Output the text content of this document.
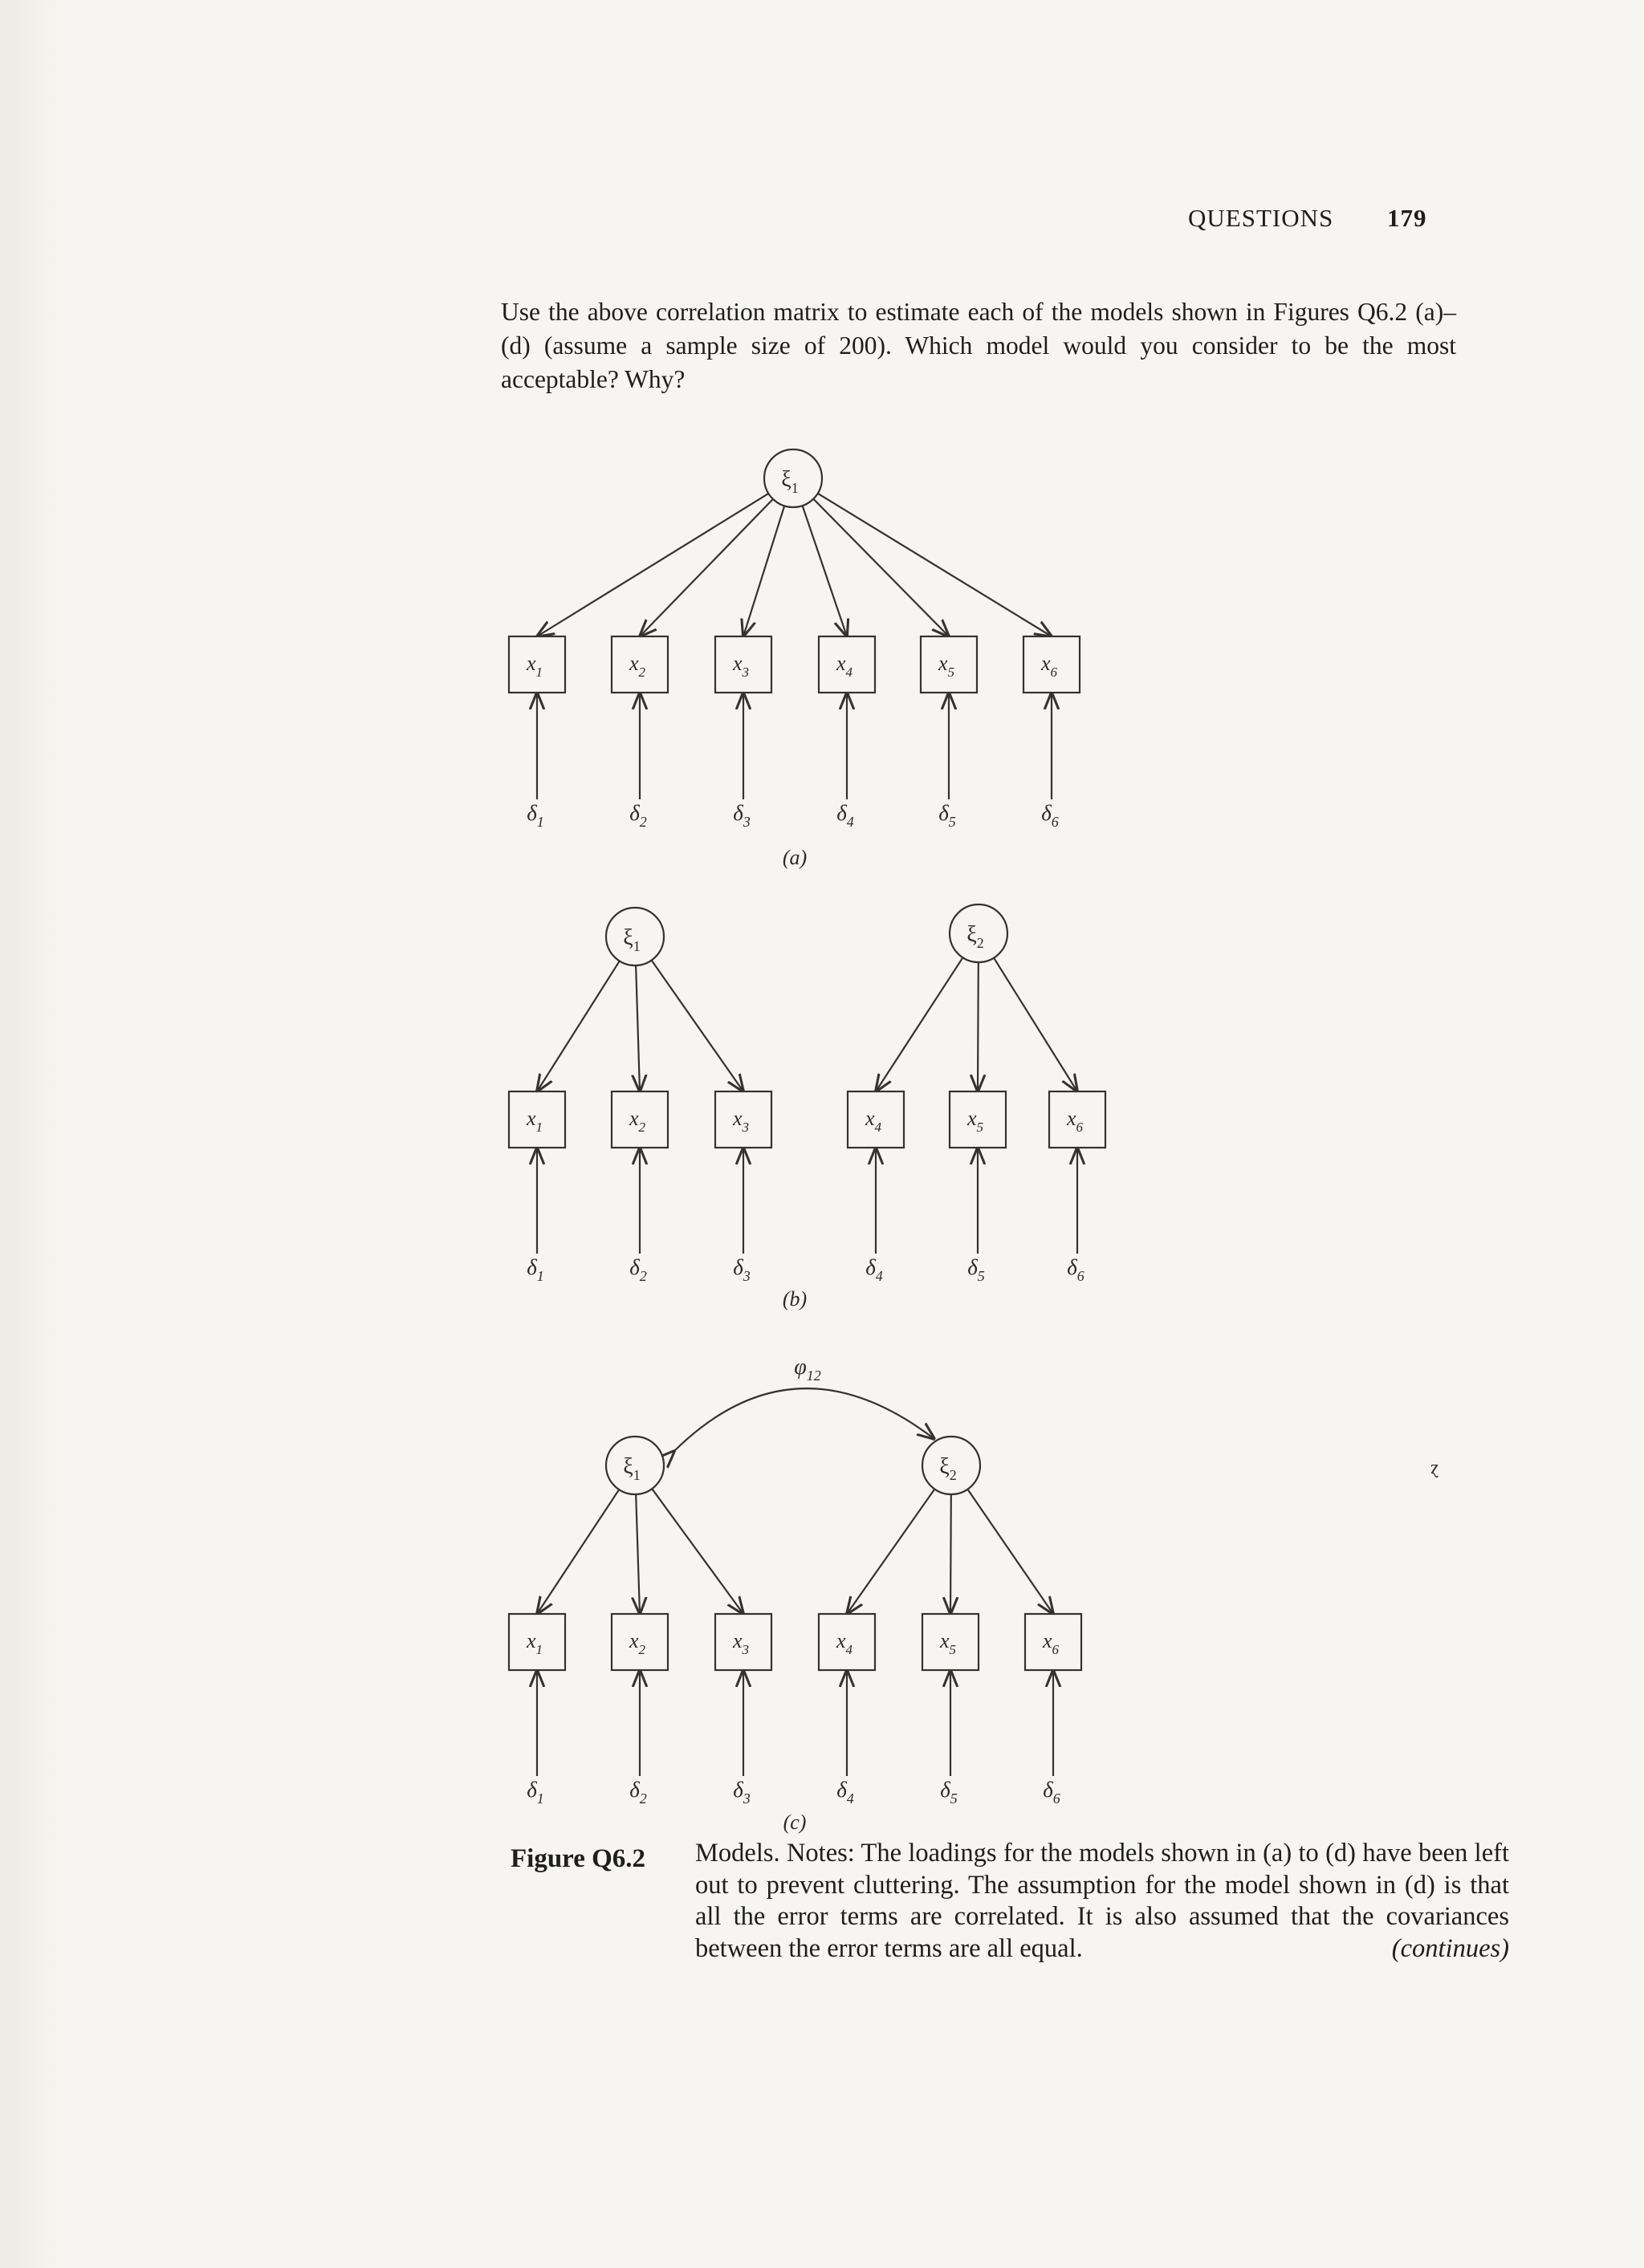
QUESTIONS 179
Use the above correlation matrix to estimate each of the models shown in Figures Q6.2 (a)–(d) (assume a sample size of 200). Which model would you consider to be the most acceptable? Why?
$\xi_1$
$x_1$
$\delta_1$
$x_2$
$\delta_2$
$x_3$
$\delta_3$
$x_4$
$\delta_4$
$x_5$
$\delta_5$
$x_6$
$\delta_6$
(a)
$\xi_1$	$\xi_2$
$x_1$
$\delta_1$
$x_2$
$\delta_2$
$x_3$
$\delta_3$
$x_4$
$\delta_4$
$x_5$
$\delta_5$
$x_6$
$\delta_6$
(b)
$\varphi_{12}$
$\xi_1$	$\xi_2$
$x_1$
$\delta_1$
$x_2$
$\delta_2$
$x_3$
$\delta_3$
$x_4$
$\delta_4$
$x_5$
$\delta_5$
$x_6$
$\delta_6$
(c)
ɀ
Figure Q6.2 Models. Notes: The loadings for the models shown in (a) to (d) have been left out to prevent cluttering. The assumption for the model shown in (d) is that all the error terms are correlated. It is also assumed that the covariances between the error terms are all equal.	(continues)
